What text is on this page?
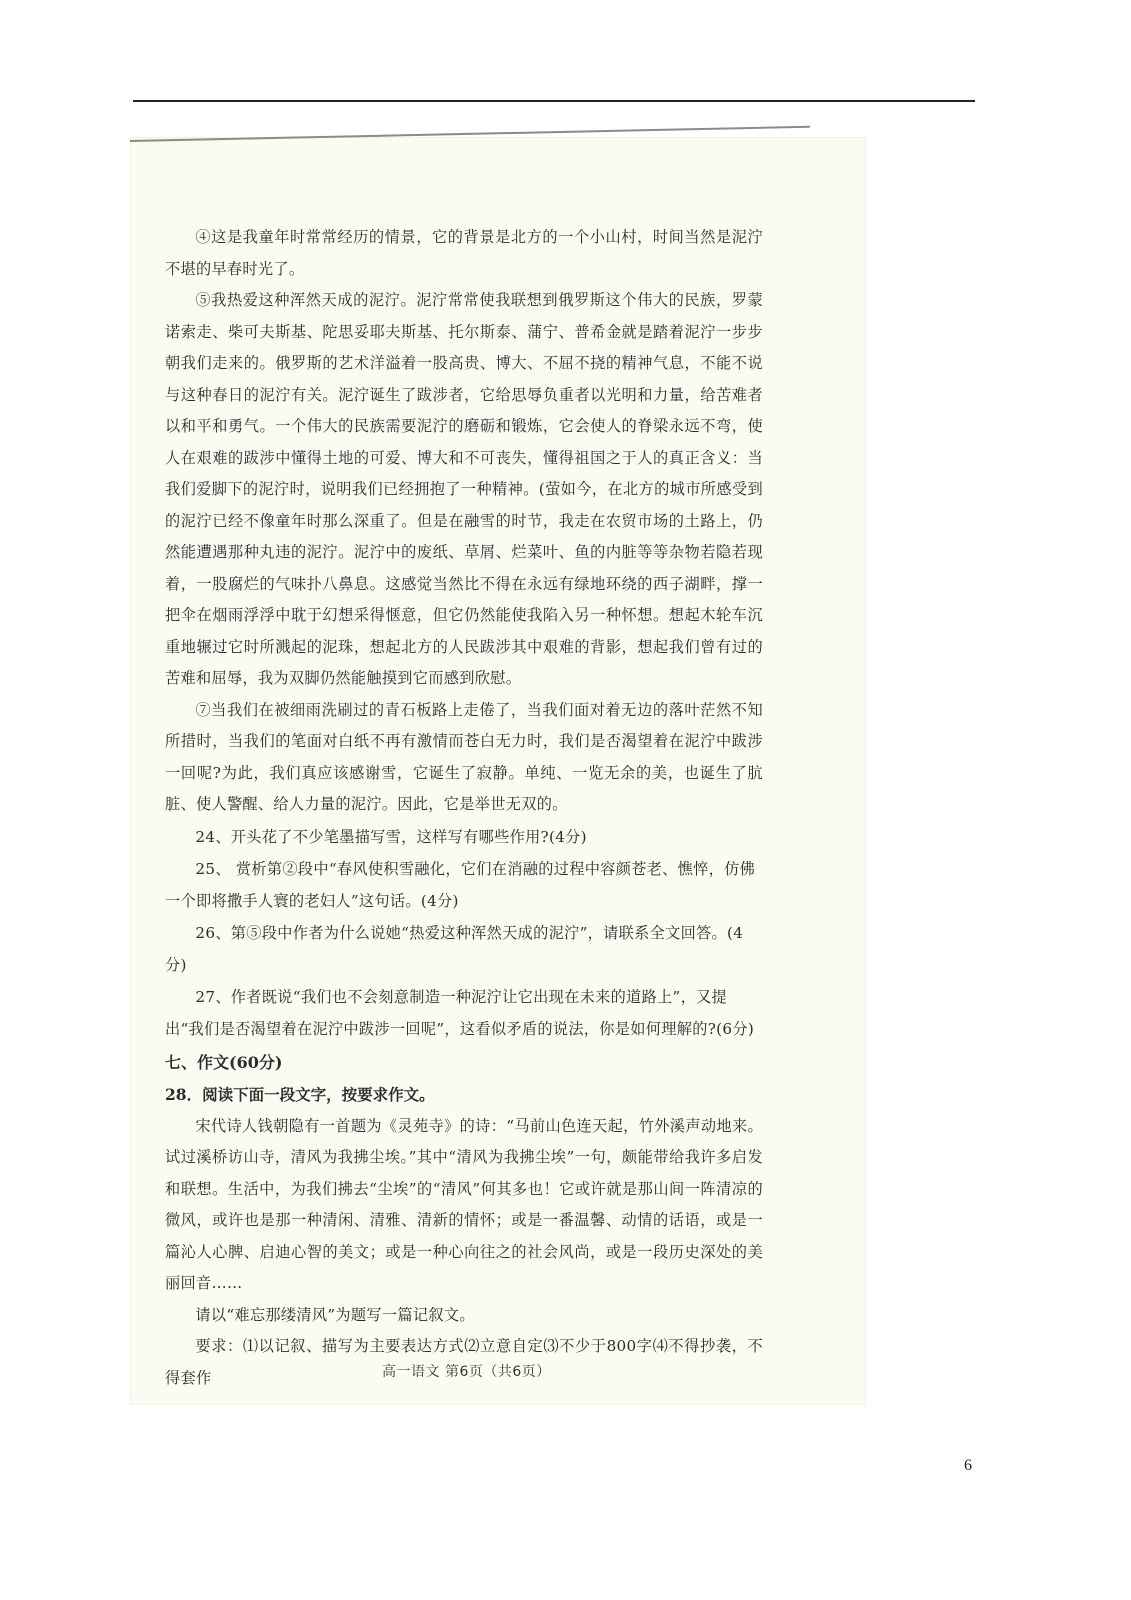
④这是我童年时常常经历的情景，它的背景是北方的一个小山村，时间当然是泥泞不堪的早春时光了。

⑤我热爱这种浑然天成的泥泞。泥泞常常使我联想到俄罗斯这个伟大的民族，罗蒙诺索走、柴可夫斯基、陀思妥耶夫斯基、托尔斯泰、蒲宁、普希金就是踏着泥泞一步步朝我们走来的。俄罗斯的艺术洋溢着一股高贵、博大、不屈不挠的精神气息，不能不说与这种春日的泥泞有关。泥泞诞生了跋涉者，它给思辱负重者以光明和力量，给苦难者以和平和勇气。一个伟大的民族需要泥泞的磨砺和锻炼，它会使人的脊梁永远不弯，使人在艰难的跋涉中懂得土地的可爱、博大和不可丧失，懂得祖国之于人的真正含义：当我们爱脚下的泥泞时，说明我们已经拥抱了一种精神。(萤如今，在北方的城市所感受到的泥泞已经不像童年时那么深重了。但是在融雪的时节，我走在农贸市场的土路上，仍然能遭遇那种丸违的泥泞。泥泞中的废纸、草屑、烂菜叶、鱼的内脏等等杂物若隐若现着，一股腐烂的气味扑八鼻息。这感觉当然比不得在永远有绿地环绕的西子湖畔，撑一把伞在烟雨浮浮中耽于幻想采得惬意，但它仍然能使我陷入另一种怀想。想起木轮车沉重地辗过它时所溅起的泥珠，想起北方的人民跋涉其中艰难的背影，想起我们曾有过的苦难和屈辱，我为双脚仍然能触摸到它而感到欣慰。

⑦当我们在被细雨洗刷过的青石板路上走倦了，当我们面对着无边的落叶茫然不知所措时，当我们的笔面对白纸不再有激情而苍白无力时，我们是否渴望着在泥泞中跋涉一回呢?为此，我们真应该感谢雪，它诞生了寂静。单纯、一览无余的美，也诞生了肮脏、使人警醒、给人力量的泥泞。因此，它是举世无双的。

24、开头花了不少笔墨描写雪，这样写有哪些作用?(4分)

25、 赏析第②段中“春风使积雪融化，它们在消融的过程中容颜苍老、憔悴，仿佛一个即将撒手人寰的老妇人”这句话。(4分)

26、第⑤段中作者为什么说她“热爱这种浑然天成的泥泞”，请联系全文回答。(4分)

27、作者既说“我们也不会刻意制造一种泥泞让它出现在未来的道路上”，又提出“我们是否渴望着在泥泞中跋涉一回呢”，这看似矛盾的说法，你是如何理解的?(6分)

七、作文(60分)

28．阅读下面一段文字，按要求作文。

宋代诗人钱朝隐有一首题为《灵苑寺》的诗：“马前山色连天起，竹外溪声动地来。试过溪桥访山寺，清风为我拂尘埃。”其中“清风为我拂尘埃”一句，颇能带给我许多启发和联想。生活中，为我们拂去“尘埃”的“清风”何其多也！它或许就是那山间一阵清凉的微风，或许也是那一种清闲、清雅、清新的情怀；或是一番温馨、动情的话语，或是一篇沁人心脾、启迪心智的美文；或是一种心向往之的社会风尚，或是一段历史深处的美丽回音……

请以“难忘那缕清风”为题写一篇记叙文。

要求：⑴以记叙、描写为主要表达方式⑵立意自定⑶不少于800字⑷不得抄袭，不得套作	高一语文 第6页（共6页）
6
